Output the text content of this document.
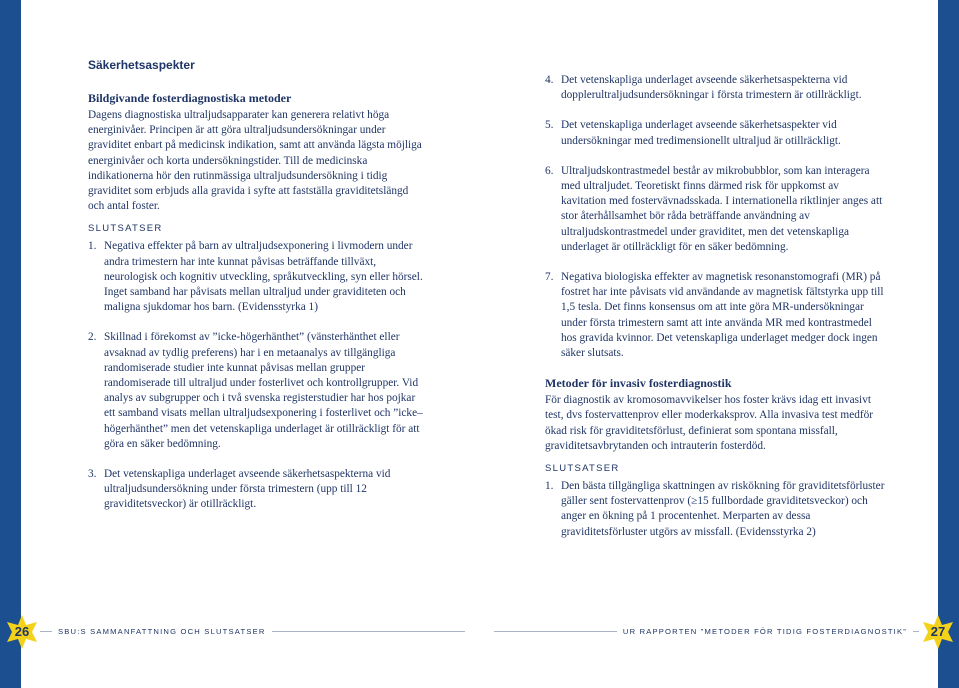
Säkerhetsaspekter
Bildgivande fosterdiagnostiska metoder

Dagens diagnostiska ultraljudsapparater kan generera relativt höga energinivåer. Principen är att göra ultraljudsundersökningar under graviditet enbart på medicinsk indikation, samt att använda lägsta möjliga energinivåer och korta undersökningstider. Till de medicinska indikationerna hör den rutinmässiga ultraljudsundersökning i tidig graviditet som erbjuds alla gravida i syfte att fastställa graviditetslängd och antal foster.

SLUTSATSER
1. Negativa effekter på barn av ultraljudsexponering i livmodern under andra trimestern har inte kunnat påvisas beträffande tillväxt, neurologisk och kognitiv utveckling, språkutveckling, syn eller hörsel. Inget samband har påvisats mellan ultraljud under graviditeten och maligna sjukdomar hos barn. (Evidensstyrka 1)
2. Skillnad i förekomst av ”icke-högerhänthet” (vänsterhänthet eller avsaknad av tydlig preferens) har i en metaanalys av tillgängliga randomiserade studier inte kunnat påvisas mellan grupper randomiserade till ultraljud under fosterlivet och kontrollgrupper. Vid analys av subgrupper och i två svenska registerstudier har hos pojkar
ett samband visats mellan ultraljudsexponering i fosterlivet och ”icke–högerhänthet” men det vetenskapliga underlaget är otillräckligt för att göra en säker bedömning.
3. Det vetenskapliga underlaget avseende säkerhetsaspekterna vid ultraljudsundersökning under första trimestern (upp till 12 graviditetsveckor) är otillräckligt.
4. Det vetenskapliga underlaget avseende säkerhetsaspekterna vid dopplerultraljudsundersökningar i första trimestern är otillräckligt.
5. Det vetenskapliga underlaget avseende säkerhetsaspekter vid undersökningar med tredimensionellt ultraljud är otillräckligt.
6. Ultraljudskontrastmedel består av mikrobubblor, som kan interagera med ultraljudet. Teoretiskt finns därmed risk för uppkomst av kavitation med fostervävnadsskada. I internationella riktlinjer anges att stor återhållsamhet bör råda beträffande användning av ultraljudskontrastmedel under graviditet, men det vetenskapliga underlaget är otillräckligt för en säker bedömning.
7. Negativa biologiska effekter av magnetisk resonanstomografi (MR) på fostret har inte påvisats vid användande av magnetisk fältstyrka upp till 1,5 tesla. Det finns konsensus om att inte göra MR-undersökningar under första trimestern samt att inte använda MR med kontrastmedel hos gravida kvinnor. Det vetenskapliga underlaget medger dock ingen säker slutsats.
Metoder för invasiv fosterdiagnostik

För diagnostik av kromosomavvikelser hos foster krävs idag ett invasivt test, dvs fostervattenprov eller moderkaksprov. Alla invasiva test medför ökad risk för graviditetsförlust, definierat som spontana missfall, graviditetsavbrytanden och intrauterin fosterdöd.

SLUTSATSER
1. Den bästa tillgängliga skattningen av riskökning för graviditetsförluster gäller sent fostervattenprov (≥15 fullbordade graviditetsveckor) och anger en ökning på 1 procentenhet. Merparten av dessa graviditetsförluster utgörs av missfall. (Evidensstyrka 2)
26	SBU:S SAMMANFATTNING OCH SLUTSATSER	UR RAPPORTEN ”METODER FÖR TIDIG FOSTERDIAGNOSTIK”	27
